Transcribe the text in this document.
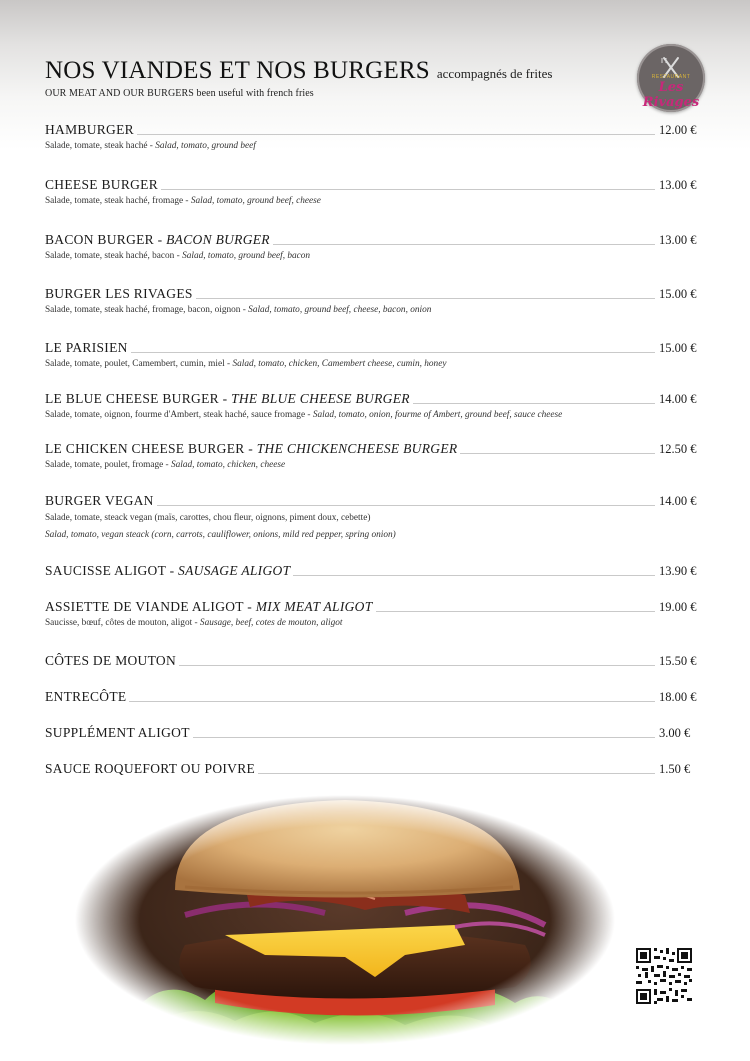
NOS VIANDES ET NOS BURGERS accompagnés de frites
OUR MEAT AND OUR BURGERS been useful with french fries
RESTAURANT
Les Rivages
HAMBURGER	12.00 €
Salade, tomate, steak haché - Salad, tomato, ground beef
CHEESE BURGER	13.00 €
Salade, tomate, steak haché, fromage - Salad, tomato, ground beef, cheese
BACON BURGER - BACON BURGER	13.00 €
Salade, tomate, steak haché, bacon - Salad, tomato, ground beef, bacon
BURGER LES RIVAGES	15.00 €
Salade, tomate, steak haché, fromage, bacon, oignon - Salad, tomato, ground beef, cheese, bacon, onion
LE PARISIEN	15.00 €
Salade, tomate, poulet, Camembert, cumin, miel - Salad, tomato, chicken, Camembert cheese, cumin, honey
LE BLUE CHEESE BURGER - THE BLUE CHEESE BURGER	14.00 €
Salade, tomate, oignon, fourme d'Ambert, steak haché, sauce fromage - Salad, tomato, onion, fourme of Ambert, ground beef, sauce cheese
LE CHICKEN CHEESE BURGER - THE CHICKENCHEESE BURGER	12.50 €
Salade, tomate, poulet, fromage - Salad, tomato, chicken, cheese
BURGER VEGAN	14.00 €
Salade, tomate, steack vegan (maïs, carottes, chou fleur, oignons, piment doux, cebette)
Salad, tomato, vegan steack (corn, carrots, cauliflower, onions, mild red pepper, spring onion)
SAUCISSE ALIGOT - SAUSAGE ALIGOT	13.90 €
ASSIETTE DE VIANDE ALIGOT - MIX MEAT ALIGOT	19.00 €
Saucisse, bœuf, côtes de mouton, aligot - Sausage, beef, cotes de mouton, aligot
CÔTES DE MOUTON	15.50 €
ENTRECÔTE	18.00 €
SUPPLÉMENT ALIGOT	3.00 €
SAUCE ROQUEFORT OU POIVRE	1.50 €
